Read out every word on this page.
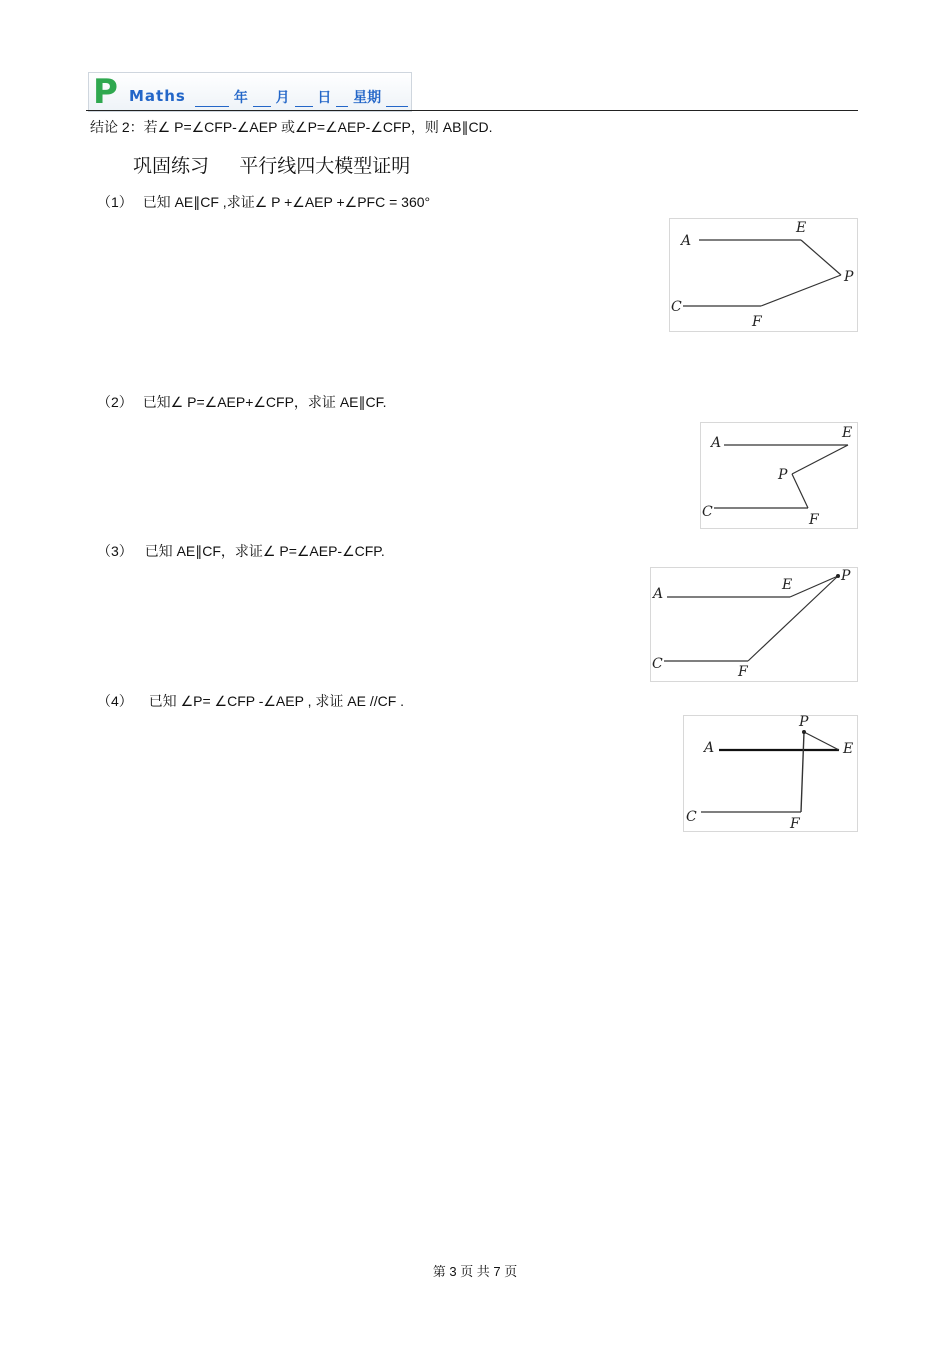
P Maths	年 月 日 星期
结论 2：若∠ P=∠CFP-∠AEP 或∠P=∠AEP-∠CFP，则 AB∥CD.
巩固练习     平行线四大模型证明
（1） 已知 AE∥CF ,求证∠ P +∠AEP +∠PFC = 360°
A
E
P
C
F
（2） 已知∠ P=∠AEP+∠CFP，求证 AE∥CF.
A
E
P
C	F
（3） 已知 AE∥CF，求证∠ P=∠AEP-∠CFP.
A
E
P
C	F
（4） 已知 ∠P= ∠CFP -∠AEP , 求证 AE //CF .
A
P
E
C	F
第 3 页 共 7 页
